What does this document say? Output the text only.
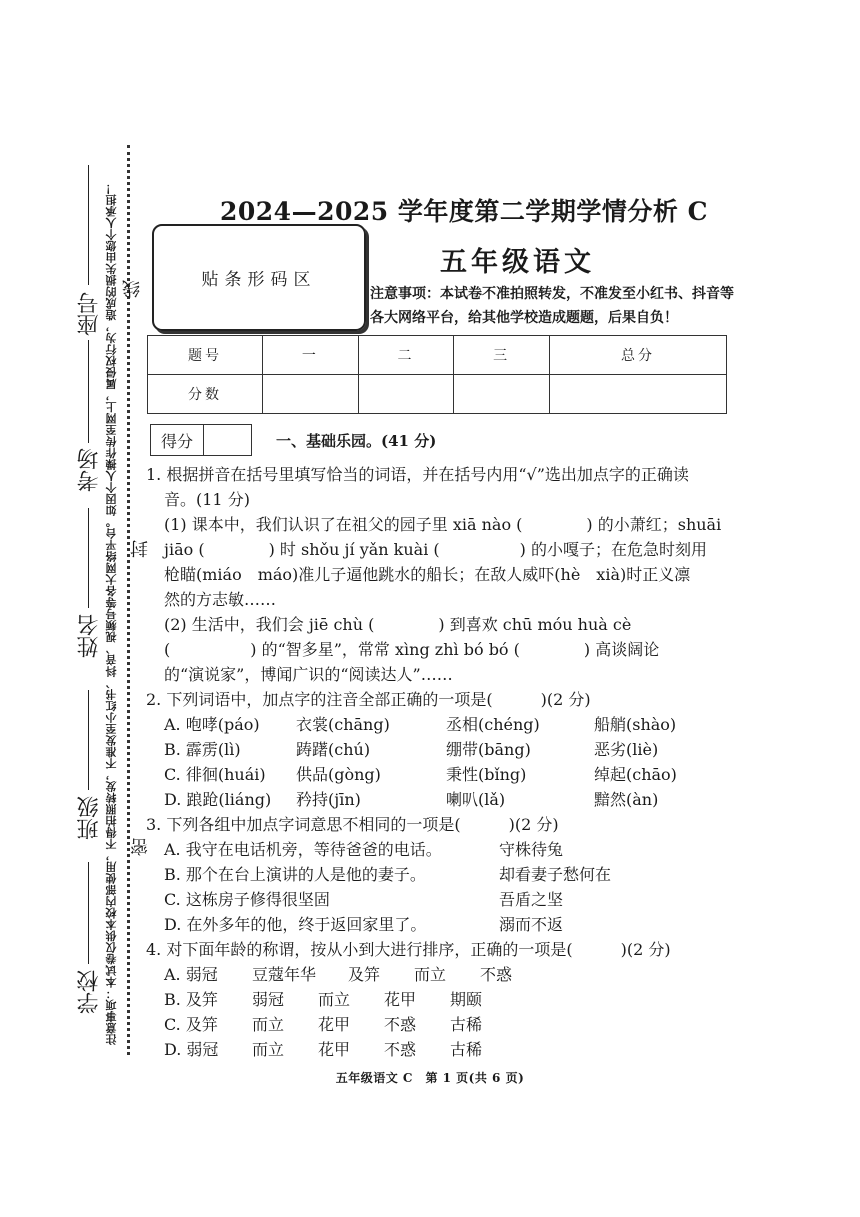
注意事项：本试卷仅供本校内部使用，不得拍照转发，不准发至小红书、抖音、视频号等各大网络平台。如因个人操作传至网上，属侵权行为，造成的损失由您个人承担！ 线
封
密
座号
考场
姓名
班级
学校
2024—2025 学年度第二学期学情分析 C
贴条形码区
五年级语文
注意事项：本试卷不准拍照转发，不准发至小红书、抖音等各大网络平台，给其他学校造成题题，后果自负！
题号	一	二	三	总分
分数				
得分	一、基础乐园。(41 分)

1. 根据拼音在括号里填写恰当的词语，并在括号内用“√”选出加点字的正确读

音。(11 分)

(1) 课本中，我们认识了在祖父的园子里 xiā nào (　　　　) 的小萧红；shuāi

jiāo (　　　　) 时 shǒu jí yǎn kuài (　　　　　) 的小嘎子；在危急时刻用

枪瞄(miáo　máo)准儿子逼他跳水的船长；在敌人威吓(hè　xià)时正义凛

然的方志敏……

(2) 生活中，我们会 jiē chù (　　　　) 到喜欢 chū móu huà cè

(　　　　　) 的“智多星”，常常 xìng zhì bó bó (　　　　) 高谈阔论

的“演说家”，博闻广识的“阅读达人”……

2. 下列词语中，加点字的注音全部正确的一项是(　　　)(2 分)

A. 咆哮(páo)	衣裳(chāng)	丞相(chéng)	船艄(shào)
B. 霹雳(lì)	踌躇(chú)	绷带(bāng)	恶劣(liè)
C. 徘徊(huái)	供品(gòng)	秉性(bǐng)	绰起(chāo)
D. 踉跄(liáng)	矜持(jīn)	喇叭(lǎ)	黯然(àn)

3. 下列各组中加点字词意思不相同的一项是(　　　)(2 分)

A. 我守在电话机旁，等待爸爸的电话。	守株待兔
B. 那个在台上演讲的人是他的妻子。	却看妻子愁何在
C. 这栋房子修得很坚固	吾盾之坚
D. 在外多年的他，终于返回家里了。	溺而不返

4. 对下面年龄的称谓，按从小到大进行排序，正确的一项是(　　　)(2 分)

A. 弱冠	豆蔻年华	及笄	而立	不惑
B. 及笄	弱冠	而立	花甲	期颐
C. 及笄	而立	花甲	不惑	古稀
D. 弱冠	而立	花甲	不惑	古稀
五年级语文 C　第 1 页(共 6 页)
